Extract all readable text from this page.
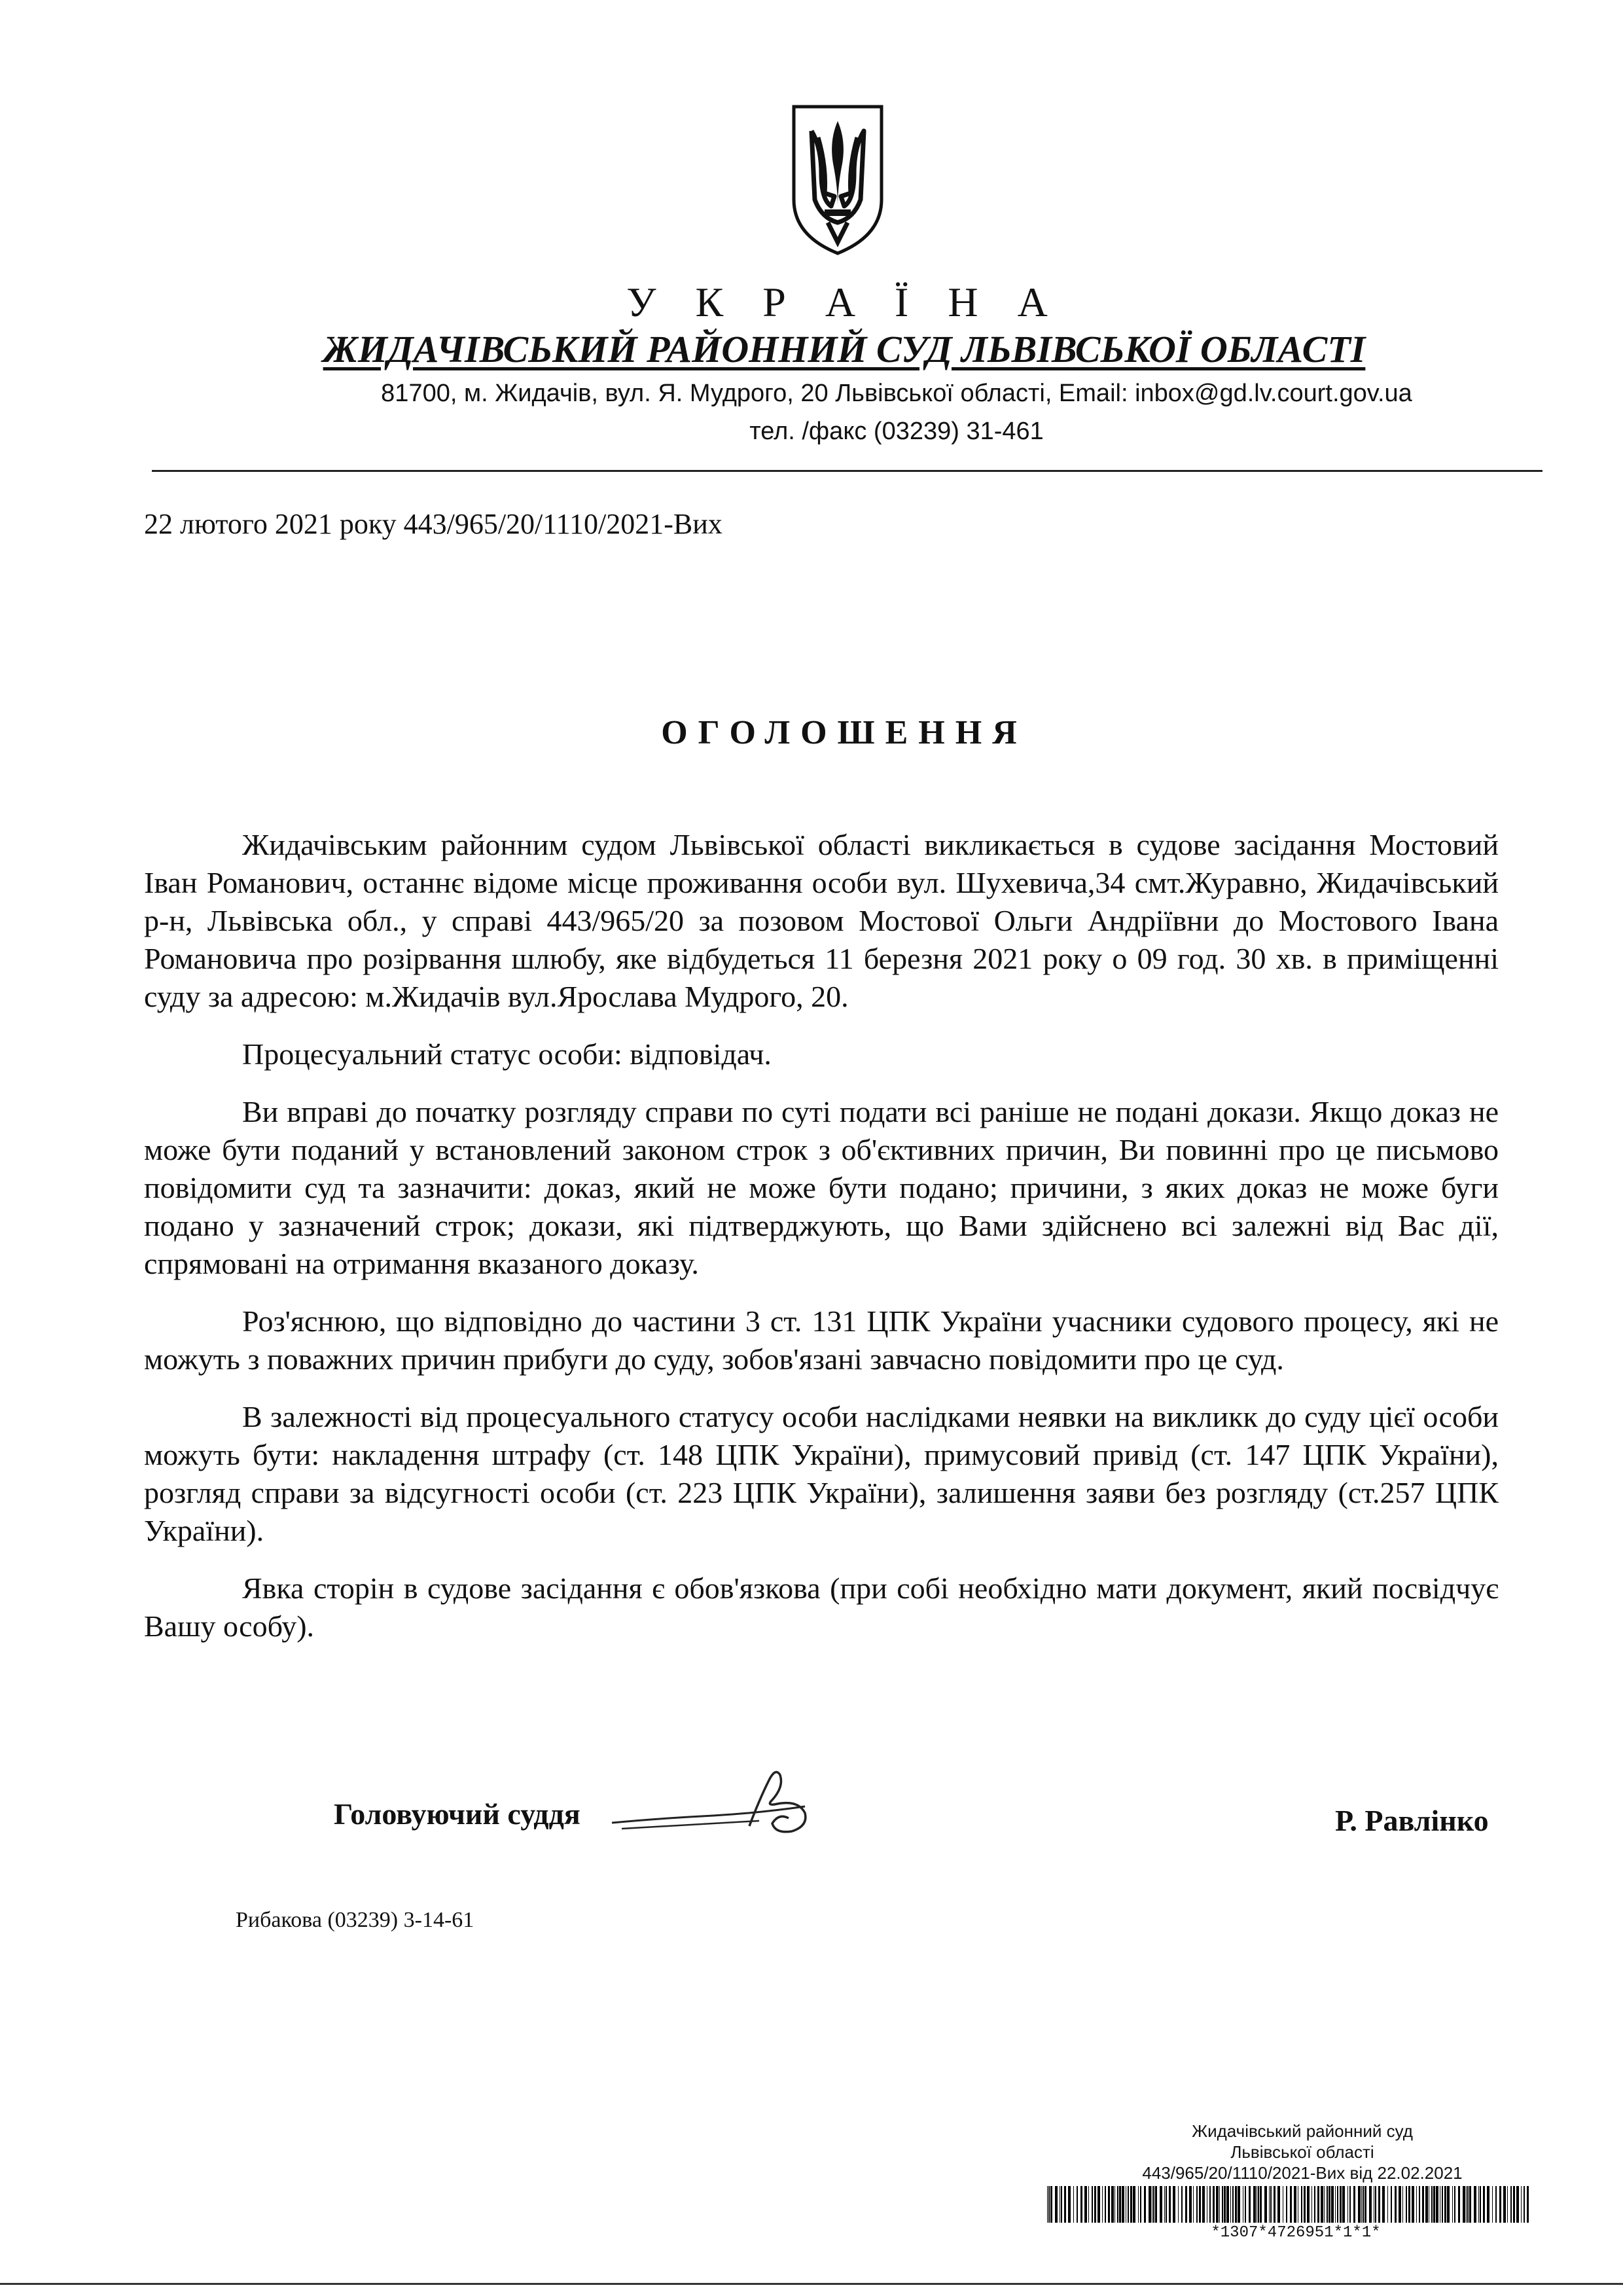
У К Р А Ї Н А
ЖИДАЧІВСЬКИЙ РАЙОННИЙ СУД ЛЬВІВСЬКОЇ ОБЛАСТІ
81700, м. Жидачів, вул. Я. Мудрого, 20 Львівської області, Email: inbox@gd.lv.court.gov.ua
тел. /факс (03239) 31-461
22 лютого 2021 року 443/965/20/1110/2021-Вих
ОГОЛОШЕННЯ

Жидачівським районним судом Львівської області викликається в судове засідання Мостовий Іван Романович, останнє відоме місце проживання особи вул. Шухевича,34 смт.Журавно, Жидачівський р-н, Львівська обл., у справі 443/965/20 за позовом Мостової Ольги Андріївни до Мостового Івана Романовича про розірвання шлюбу, яке відбудеться 11 березня 2021 року о 09 год. 30 хв. в приміщенні суду за адресою: м.Жидачів вул.Ярослава Мудрого, 20.

Процесуальний статус особи: відповідач.

Ви вправі до початку розгляду справи по суті подати всі раніше не подані докази. Якщо доказ не може бути поданий у встановлений законом строк з об'єктивних причин, Ви повинні про це письмово повідомити суд та зазначити: доказ, який не може бути подано; причини, з яких доказ не може буги подано у зазначений строк; докази, які підтверджують, що Вами здійснено всі залежні від Вас дії, спрямовані на отримання вказаного доказу.

Роз'яснюю, що відповідно до частини 3 ст. 131 ЦПК України учасники судового процесу, які не можуть з поважних причин прибуги до суду, зобов'язані завчасно повідомити про це суд.

В залежності від процесуального статусу особи наслідками неявки на викликк до суду цієї особи можуть бути: накладення штрафу (ст. 148 ЦПК України), примусовий привід (ст. 147 ЦПК України), розгляд справи за відсугності особи (ст. 223 ЦПК України), залишення заяви без розгляду (ст.257 ЦПК України).

Явка сторін в судове засідання є обов'язкова (при собі необхідно мати документ, який посвідчує Вашу особу).

Головуючий суддя	Р. Равлінко
Рибакова (03239) 3-14-61
Жидачівський районний суд
Львівської області
443/965/20/1110/2021-Вих від 22.02.2021
*1307*4726951*1*1*
